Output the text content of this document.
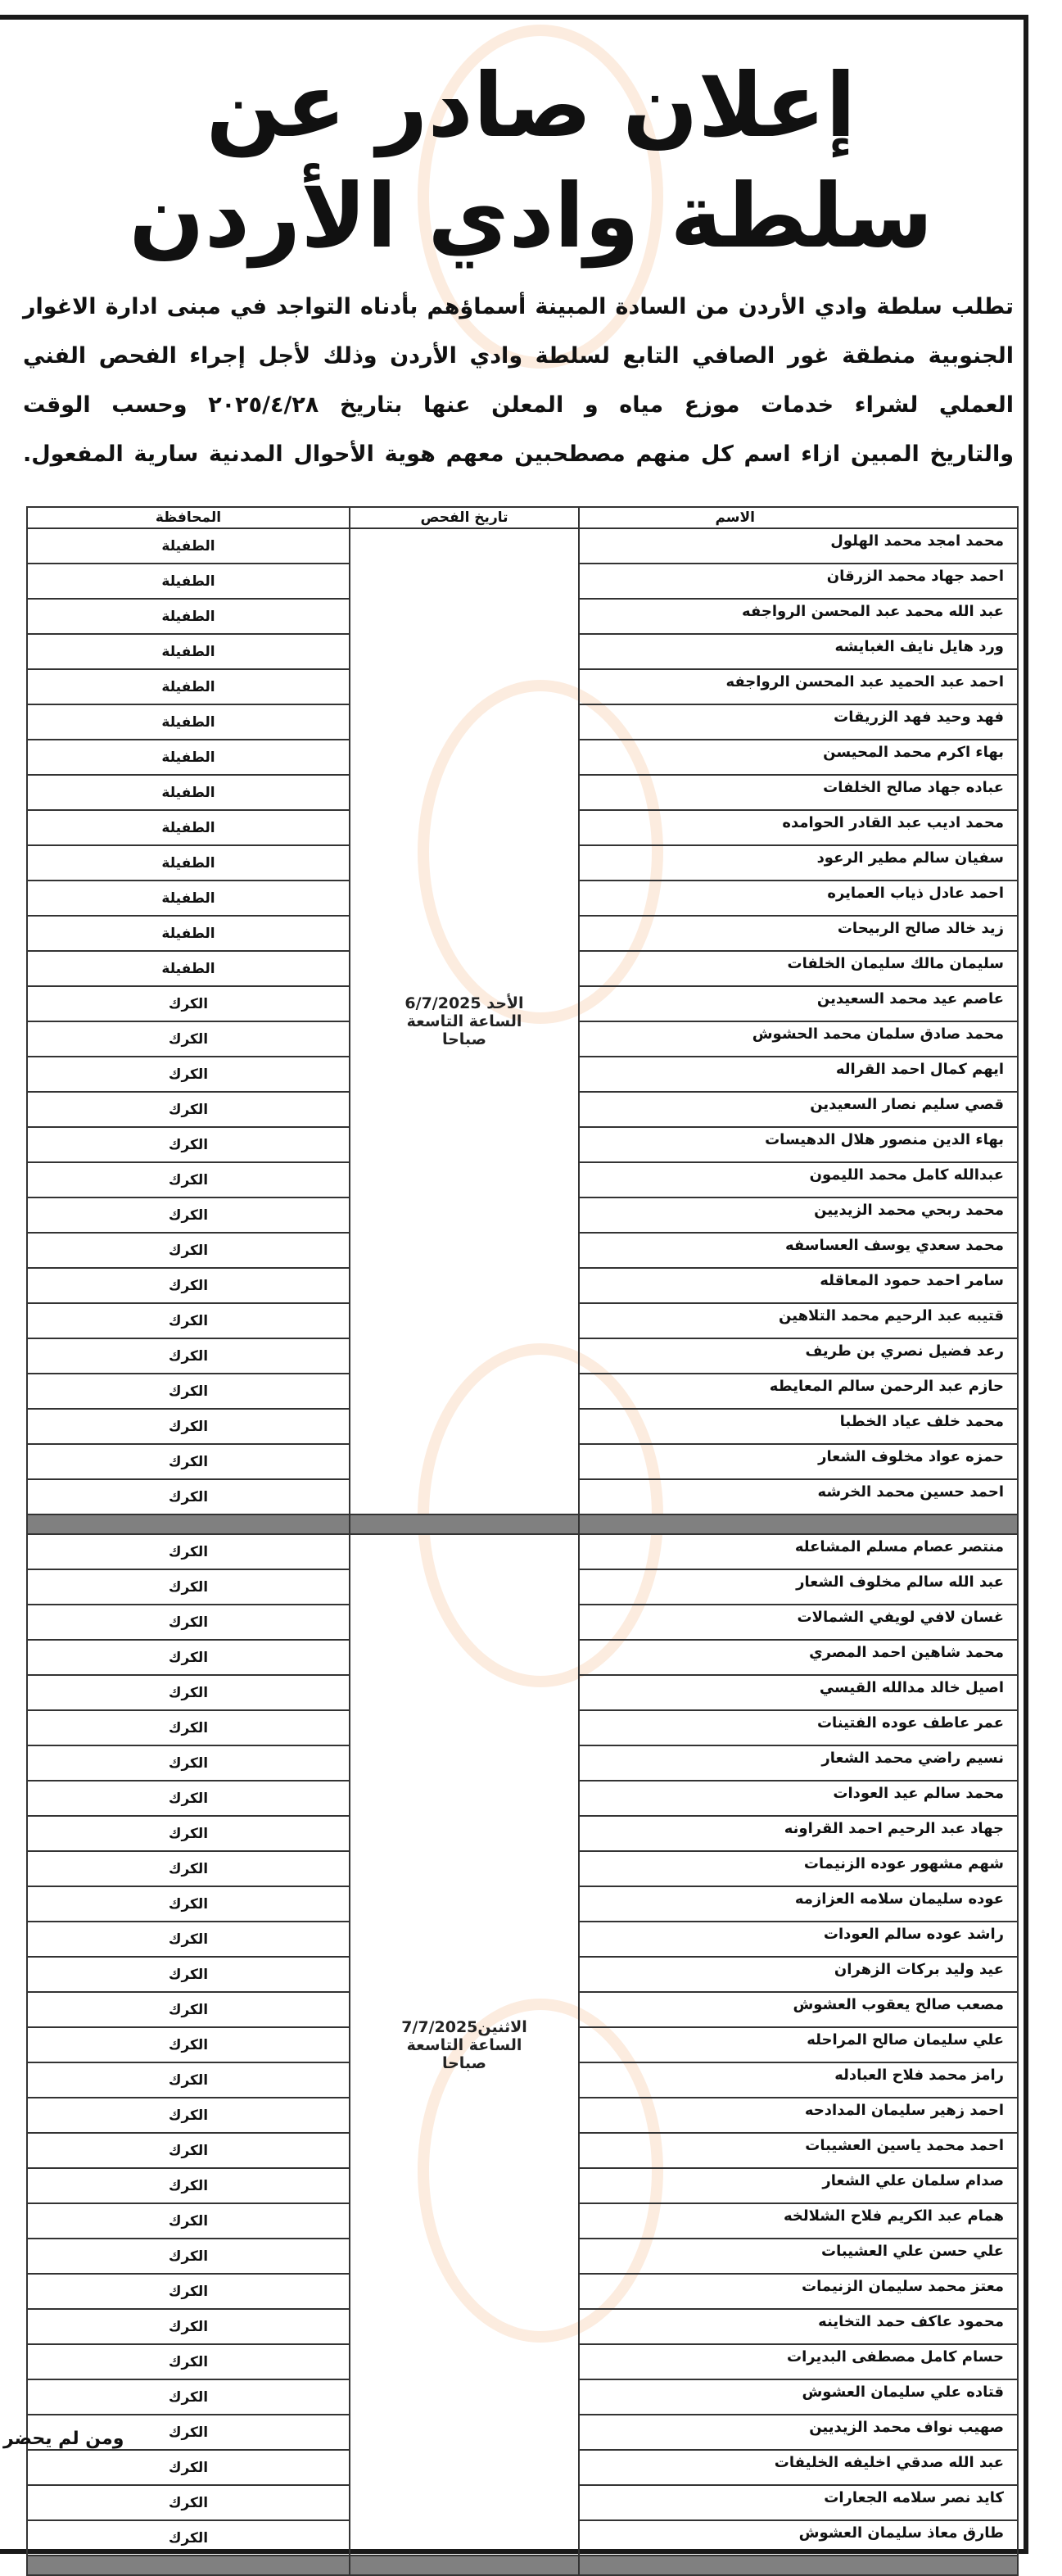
إعلان صادر عن
سلطة وادي الأردن
تطلب سلطة وادي الأردن من السادة المبينة أسماؤهم بأدناه التواجد في مبنى ادارة الاغوار
الجنوبية منطقة غور الصافي التابع لسلطة وادي الأردن وذلك لأجل إجراء الفحص الفني
العملي لشراء خدمات موزع مياه و المعلن عنها بتاريخ ٢٠٢٥/٤/٢٨ وحسب الوقت
والتاريخ المبين ازاء اسم كل منهم مصطحبين معهم هوية الأحوال المدنية سارية المفعول.
الاسم	تاريخ الفحص	المحافظة
محمد امجد محمد الهلول	الأحد 6/7/2025
الساعة التاسعة
صباحا	الطفيلة
احمد جهاد محمد الزرقان		الطفيلة
عبد الله محمد عبد المحسن الرواجفه		الطفيلة
ورد هايل نايف الغبايشه		الطفيلة
احمد عبد الحميد عبد المحسن الرواجفه		الطفيلة
فهد وحيد فهد الزريقات		الطفيلة
بهاء اكرم محمد المحيسن		الطفيلة
عباده جهاد صالح الخلفات		الطفيلة
محمد اديب عبد القادر الحوامده		الطفيلة
سفيان سالم مطير الرعود		الطفيلة
احمد عادل ذياب العمايره		الطفيلة
زيد خالد صالح الربيحات		الطفيلة
سليمان مالك سليمان الخلفات		الطفيلة
عاصم عيد محمد السعيدين		الكرك
محمد صادق سلمان محمد الحشوش		الكرك
ايهم كمال احمد القراله		الكرك
قصي سليم نصار السعيدين		الكرك
بهاء الدين منصور هلال الدهيسات		الكرك
عبدالله كامل محمد الليمون		الكرك
محمد ربحي محمد الزيديين		الكرك
محمد سعدي يوسف العساسفه		الكرك
سامر احمد حمود المعاقله		الكرك
قتيبه عبد الرحيم محمد التلاهين		الكرك
رعد فضيل نصري بن طريف		الكرك
حازم عبد الرحمن سالم المعايطه		الكرك
محمد خلف عياد الخطبا		الكرك
حمزه عواد مخلوف الشعار		الكرك
احمد حسين محمد الخرشه		الكرك

منتصر عصام مسلم المشاعله	الاثنين7/7/2025
الساعة التاسعة
صباحا	الكرك
عبد الله سالم مخلوف الشعار		الكرك
غسان لافي لويفي الشمالات		الكرك
محمد شاهين احمد المصري		الكرك
اصيل خالد مدالله القيسي		الكرك
عمر عاطف عوده الفتينات		الكرك
نسيم راضي محمد الشعار		الكرك
محمد سالم عيد العودات		الكرك
جهاد عبد الرحيم احمد القراونه		الكرك
شهم مشهور عوده الزنيمات		الكرك
عوده سليمان سلامه العزازمه		الكرك
راشد عوده سالم العودات		الكرك
عيد وليد بركات الزهران		الكرك
مصعب صالح يعقوب العشوش		الكرك
علي سليمان صالح المراحله		الكرك
رامز محمد فلاح العبادله		الكرك
احمد زهير سليمان المدادحه		الكرك
احمد محمد ياسين العشيبات		الكرك
صدام سلمان علي الشعار		الكرك
همام عبد الكريم فلاح الشلالخه		الكرك
علي حسن علي العشيبات		الكرك
معتز محمد سليمان الزنيمات		الكرك
محمود عاكف حمد التخاينه		الكرك
حسام كامل مصطفى البديرات		الكرك
قتاده علي سليمان العشوش		الكرك
صهيب نواف محمد الزيديين		الكرك
عبد الله صدقي اخليفه الخليفات		الكرك
كايد نصر سلامه الجعارات		الكرك
طارق معاذ سليمان العشوش		الكرك

ومن لم يحضر
